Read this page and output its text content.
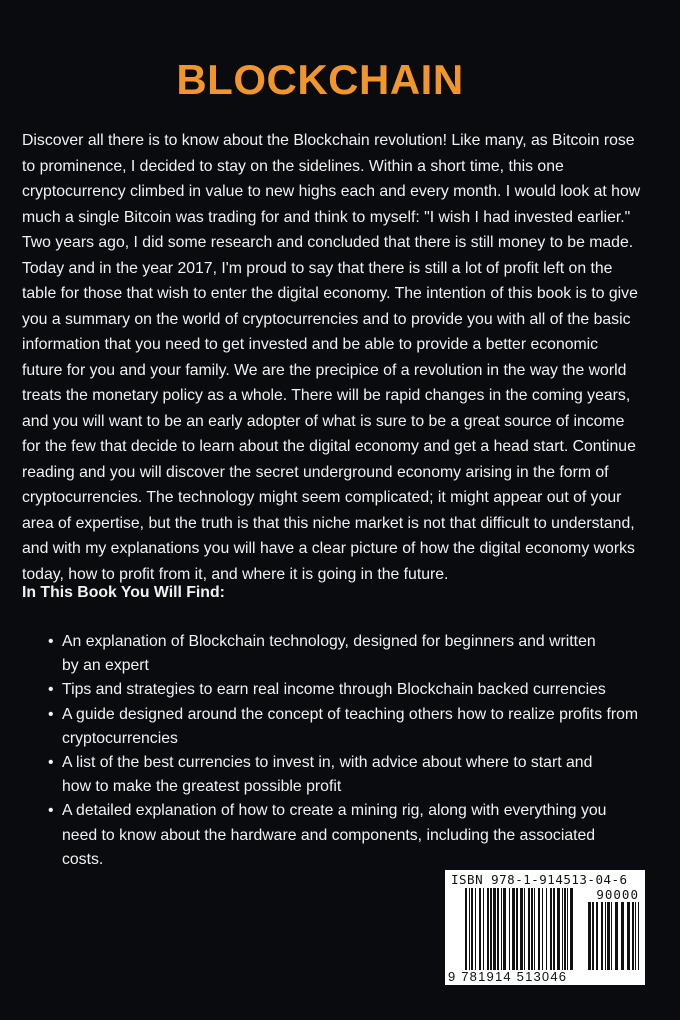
BLOCKCHAIN
Discover all there is to know about the Blockchain revolution! Like many, as Bitcoin rose
to prominence, I decided to stay on the sidelines. Within a short time, this one
cryptocurrency climbed in value to new highs each and every month. I would look at how
much a single Bitcoin was trading for and think to myself: "I wish I had invested earlier."
Two years ago, I did some research and concluded that there is still money to be made.
Today and in the year 2017, I'm proud to say that there is still a lot of profit left on the
table for those that wish to enter the digital economy. The intention of this book is to give
you a summary on the world of cryptocurrencies and to provide you with all of the basic
information that you need to get invested and be able to provide a better economic
future for you and your family. We are the precipice of a revolution in the way the world
treats the monetary policy as a whole. There will be rapid changes in the coming years,
and you will want to be an early adopter of what is sure to be a great source of income
for the few that decide to learn about the digital economy and get a head start. Continue
reading and you will discover the secret underground economy arising in the form of
cryptocurrencies. The technology might seem complicated; it might appear out of your
area of expertise, but the truth is that this niche market is not that difficult to understand,
and with my explanations you will have a clear picture of how the digital economy works
today, how to profit from it, and where it is going in the future.
In This Book You Will Find:
• An explanation of Blockchain technology, designed for beginners and written
by an expert
• Tips and strategies to earn real income through Blockchain backed currencies
• A guide designed around the concept of teaching others how to realize profits from
cryptocurrencies
• A list of the best currencies to invest in, with advice about where to start and
how to make the greatest possible profit
• A detailed explanation of how to create a mining rig, along with everything you
need to know about the hardware and components, including the associated
costs.
ISBN 978-1-914513-04-6
90000
9 781914 513046
